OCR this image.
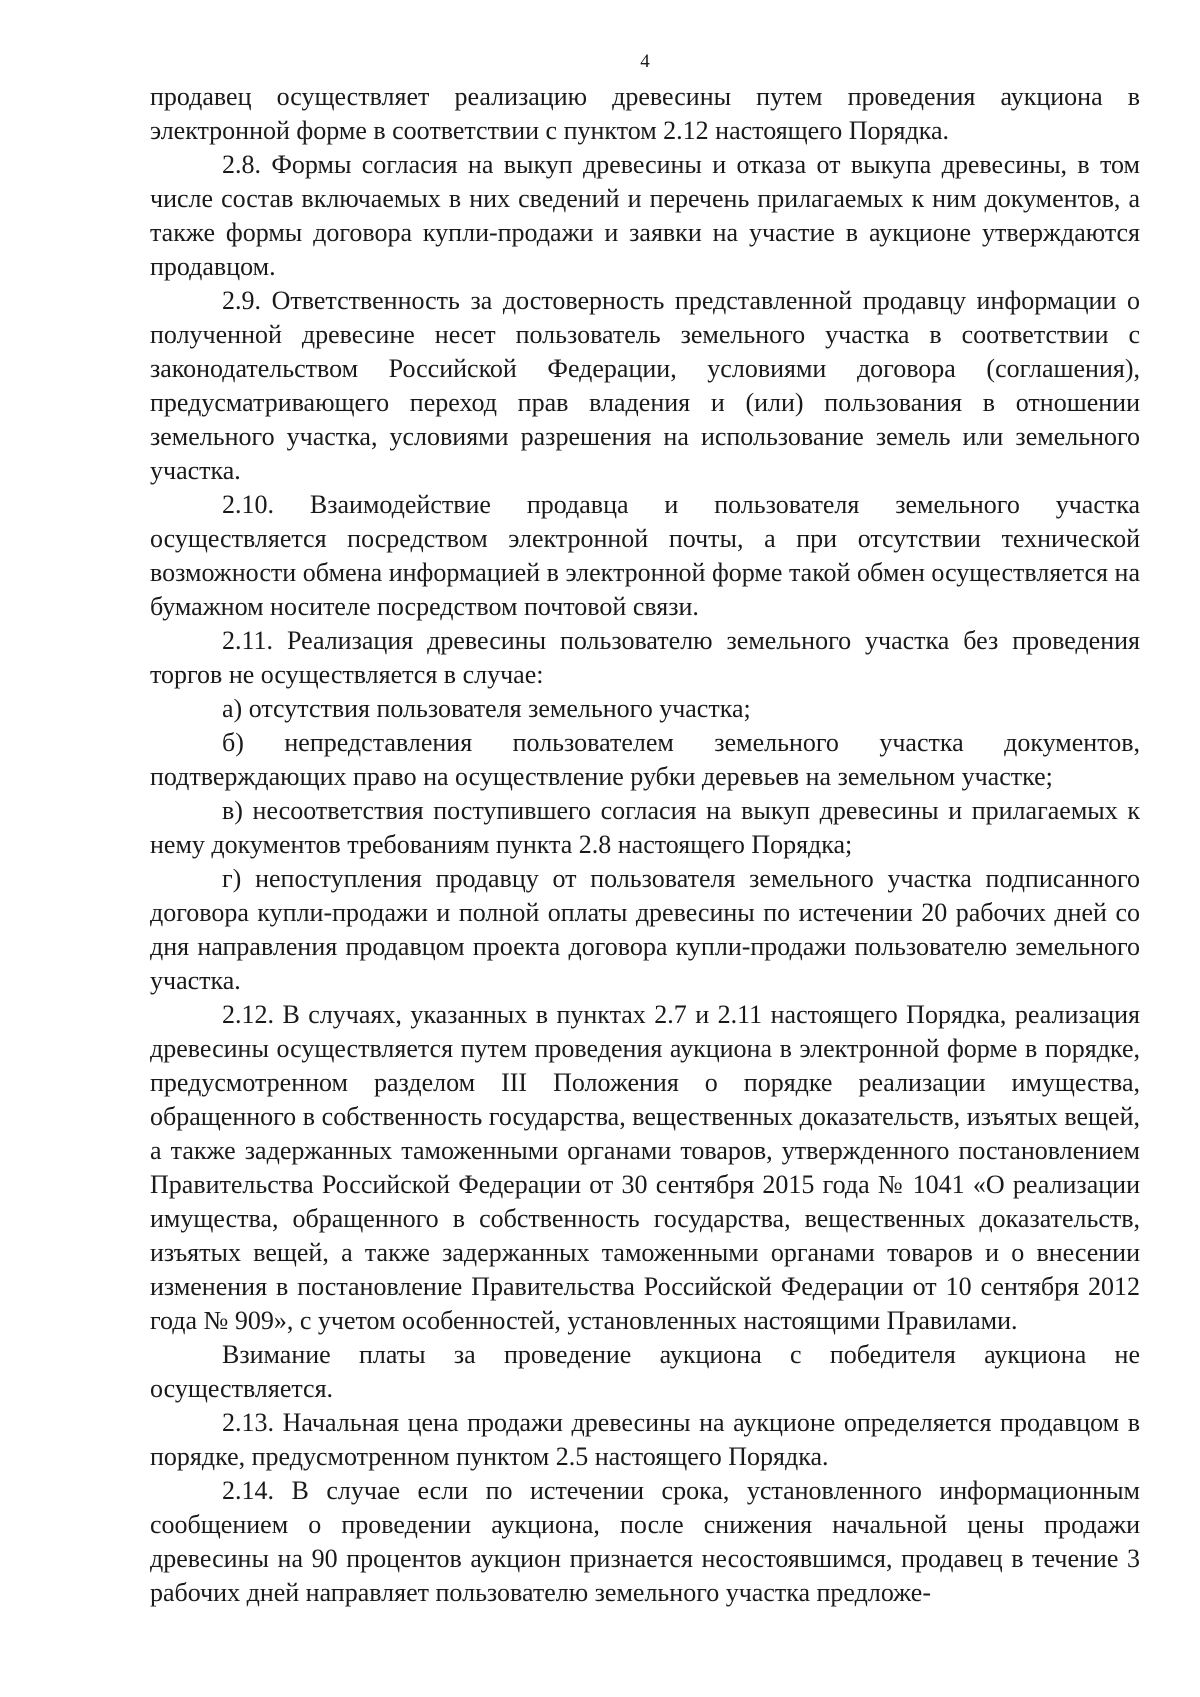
4

продавец осуществляет реализацию древесины путем проведения аукциона в электронной форме в соответствии с пунктом 2.12 настоящего Порядка.

2.8. Формы согласия на выкуп древесины и отказа от выкупа древесины, в том числе состав включаемых в них сведений и перечень прилагаемых к ним документов, а также формы договора купли-продажи и заявки на участие в аукционе утверждаются продавцом.

2.9. Ответственность за достоверность представленной продавцу информации о полученной древесине несет пользователь земельного участка в соответствии с законодательством Российской Федерации, условиями договора (соглашения), предусматривающего переход прав владения и (или) пользования в отношении земельного участка, условиями разрешения на использование земель или земельного участка.

2.10. Взаимодействие продавца и пользователя земельного участка осуществляется посредством электронной почты, а при отсутствии технической возможности обмена информацией в электронной форме такой обмен осуществляется на бумажном носителе посредством почтовой связи.

2.11. Реализация древесины пользователю земельного участка без проведения торгов не осуществляется в случае:

а) отсутствия пользователя земельного участка;

б) непредставления пользователем земельного участка документов, подтверждающих право на осуществление рубки деревьев на земельном участке;

в) несоответствия поступившего согласия на выкуп древесины и прилагаемых к нему документов требованиям пункта 2.8 настоящего Порядка;

г) непоступления продавцу от пользователя земельного участка подписанного договора купли-продажи и полной оплаты древесины по истечении 20 рабочих дней со дня направления продавцом проекта договора купли-продажи пользователю земельного участка.

2.12. В случаях, указанных в пунктах 2.7 и 2.11 настоящего Порядка, реализация древесины осуществляется путем проведения аукциона в электронной форме в порядке, предусмотренном разделом III Положения о порядке реализации имущества, обращенного в собственность государства, вещественных доказательств, изъятых вещей, а также задержанных таможенными органами товаров, утвержденного постановлением Правительства Российской Федерации от 30 сентября 2015 года № 1041 «О реализации имущества, обращенного в собственность государства, вещественных доказательств, изъятых вещей, а также задержанных таможенными органами товаров и о внесении изменения в постановление Правительства Российской Федерации от 10 сентября 2012 года № 909», с учетом особенностей, установленных настоящими Правилами.

Взимание платы за проведение аукциона с победителя аукциона не осуществляется.

2.13. Начальная цена продажи древесины на аукционе определяется продавцом в порядке, предусмотренном пунктом 2.5 настоящего Порядка.

2.14. В случае если по истечении срока, установленного информационным сообщением о проведении аукциона, после снижения начальной цены продажи древесины на 90 процентов аукцион признается несостоявшимся, продавец в течение 3 рабочих дней направляет пользователю земельного участка предложе-
